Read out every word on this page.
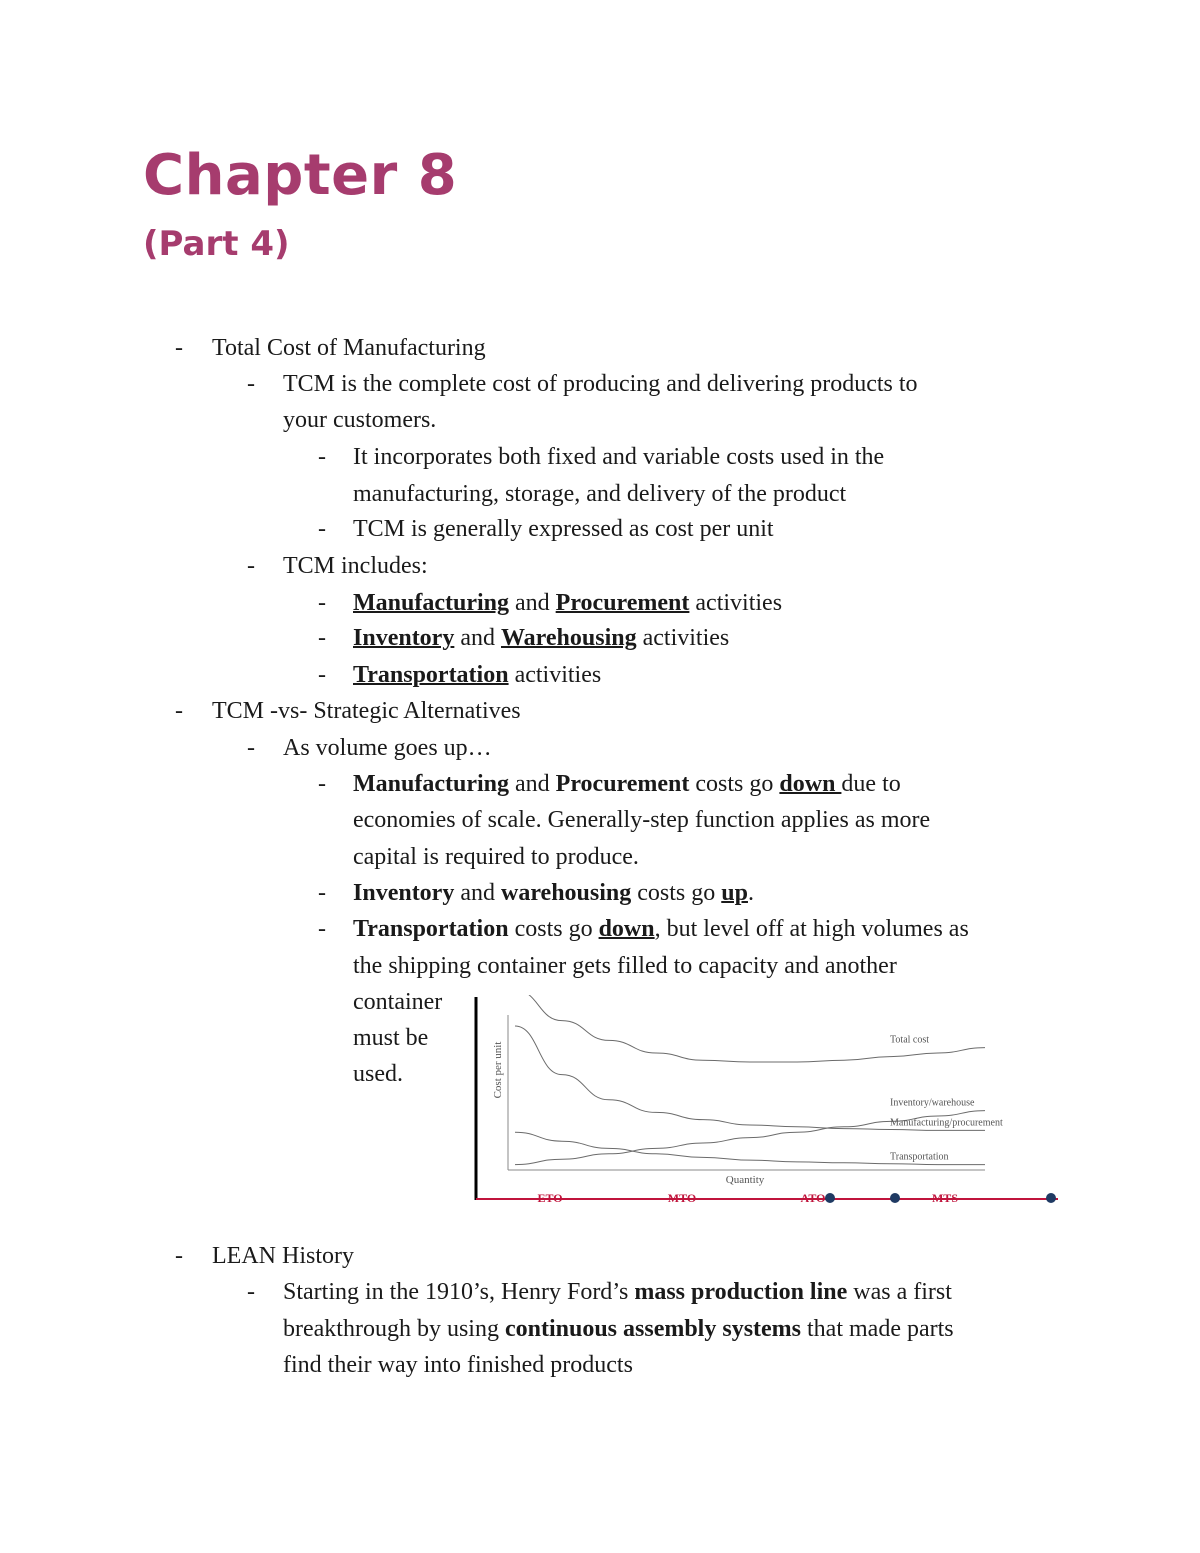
Chapter 8
(Part 4)
- Total Cost of Manufacturing
- TCM is the complete cost of producing and delivering products to
your customers.
- It incorporates both fixed and variable costs used in the
manufacturing, storage, and delivery of the product
- TCM is generally expressed as cost per unit
- TCM includes:
- Manufacturing and Procurement activities
- Inventory and Warehousing activities
- Transportation activities
- TCM -vs- Strategic Alternatives
- As volume goes up…
- Manufacturing and Procurement costs go down due to
economies of scale. Generally-step function applies as more
capital is required to produce.
- Inventory and warehousing costs go up.
- Transportation costs go down, but level off at high volumes as
the shipping container gets filled to capacity and another
container
must be
used.	Cost per unit
Quantity
Total cost
Inventory/warehouse
Manufacturing/procurement
Transportation
ETO	MTO	ATO	MTS
- LEAN History
- Starting in the 1910’s, Henry Ford’s mass production line was a first
breakthrough by using continuous assembly systems that made parts
find their way into finished products
